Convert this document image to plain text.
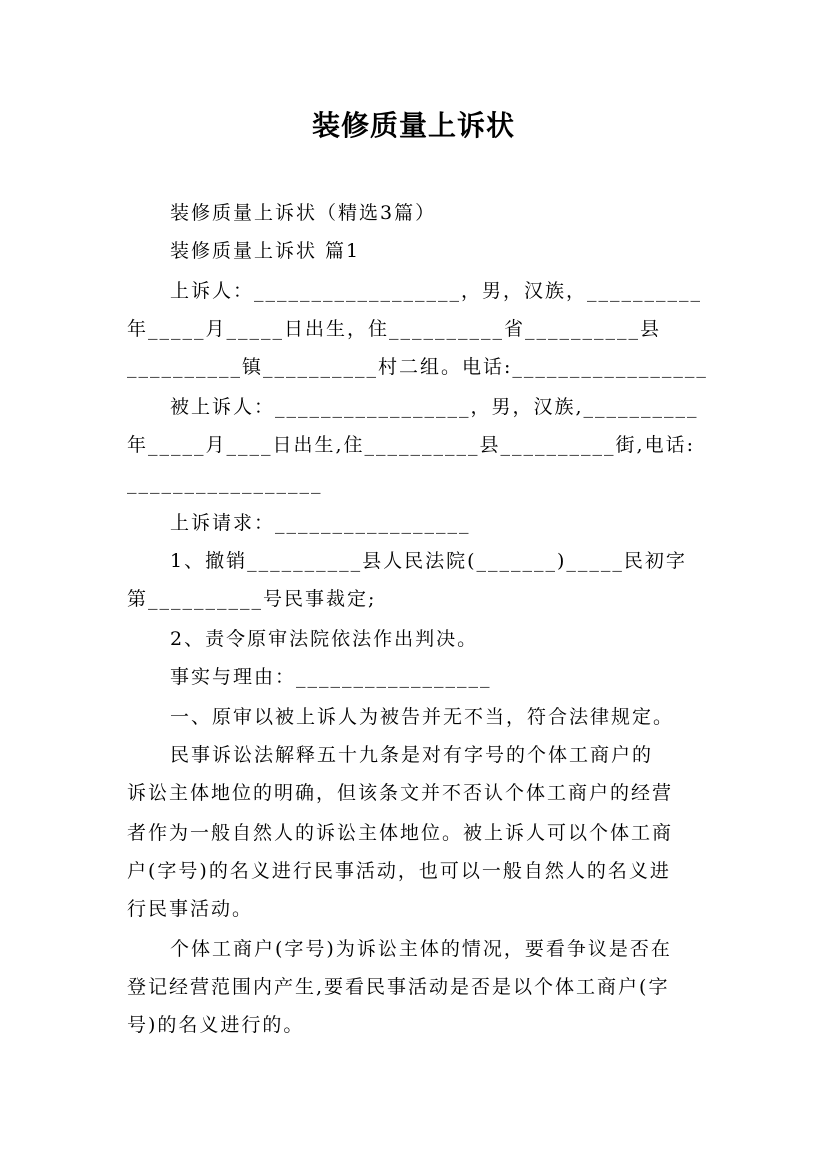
装修质量上诉状
装修质量上诉状（精选3篇）
装修质量上诉状 篇1
上诉人：__________________，男，汉族，__________
年_____月_____日出生，住__________省__________县
__________镇__________村二组。电话:_________________
被上诉人：_________________，男，汉族,__________
年_____月____日出生,住__________县__________街,电话:
_________________
上诉请求：_________________
1、撤销__________县人民法院(_______)_____民初字
第__________号民事裁定;
2、责令原审法院依法作出判决。
事实与理由：_________________
一、原审以被上诉人为被告并无不当，符合法律规定。
民事诉讼法解释五十九条是对有字号的个体工商户的
诉讼主体地位的明确，但该条文并不否认个体工商户的经营
者作为一般自然人的诉讼主体地位。被上诉人可以个体工商
户(字号)的名义进行民事活动，也可以一般自然人的名义进
行民事活动。
个体工商户(字号)为诉讼主体的情况，要看争议是否在
登记经营范围内产生,要看民事活动是否是以个体工商户(字
号)的名义进行的。
